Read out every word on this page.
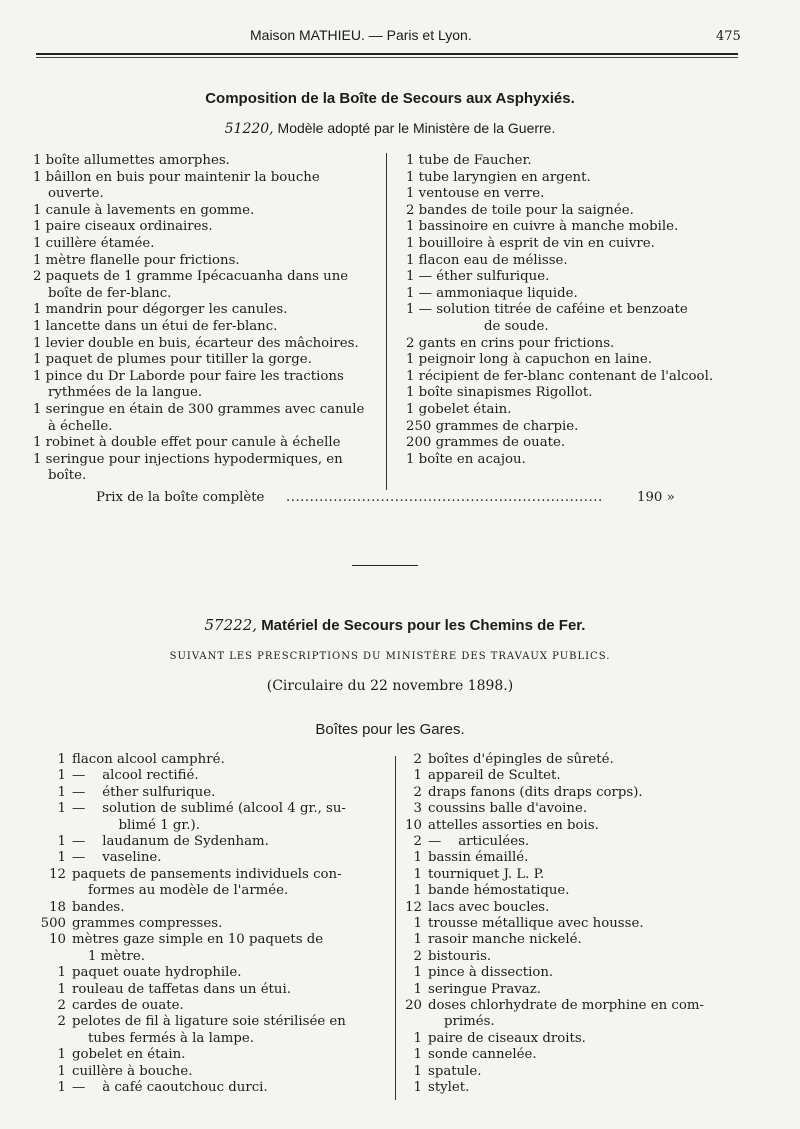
Maison MATHIEU. — Paris et Lyon.	475
Composition de la Boîte de Secours aux Asphyxiés.
51220, Modèle adopté par le Ministère de la Guerre.
1 boîte allumettes amorphes.
1 bâillon en buis pour maintenir la bouche
ouverte.
1 canule à lavements en gomme.
1 paire ciseaux ordinaires.
1 cuillère étamée.
1 mètre flanelle pour frictions.
2 paquets de 1 gramme Ipécacuanha dans une
boîte de fer-blanc.
1 mandrin pour dégorger les canules.
1 lancette dans un étui de fer-blanc.
1 levier double en buis, écarteur des mâchoires.
1 paquet de plumes pour titiller la gorge.
1 pince du Dr Laborde pour faire les tractions
rythmées de la langue.
1 seringue en étain de 300 grammes avec canule
à échelle.
1 robinet à double effet pour canule à échelle
1 seringue pour injections hypodermiques, en
boîte.
1 tube de Faucher.
1 tube laryngien en argent.
1 ventouse en verre.
2 bandes de toile pour la saignée.
1 bassinoire en cuivre à manche mobile.
1 bouilloire à esprit de vin en cuivre.
1 flacon eau de mélisse.
1 — éther sulfurique.
1 — ammoniaque liquide.
1 — solution titrée de caféine et benzoate
de soude.
2 gants en crins pour frictions.
1 peignoir long à capuchon en laine.
1 récipient de fer-blanc contenant de l'alcool.
1 boîte sinapismes Rigollot.
1 gobelet étain.
250 grammes de charpie.
200 grammes de ouate.
1 boîte en acajou.
Prix de la boîte complète ...................................................................	190 »
57222, Matériel de Secours pour les Chemins de Fer.
SUIVANT LES PRESCRIPTIONS DU MINISTÈRE DES TRAVAUX PUBLICS.
(Circulaire du 22 novembre 1898.)
Boîtes pour les Gares.
1 flacon alcool camphré.
1 —    alcool rectifié.
1 —    éther sulfurique.
1 —    solution de sublimé (alcool 4 gr., su-
blimé 1 gr.).
1 —    laudanum de Sydenham.
1 —    vaseline.
12 paquets de pansements individuels con-
formes au modèle de l'armée.
18 bandes.
500 grammes compresses.
10 mètres gaze simple en 10 paquets de
1 mètre.
1 paquet ouate hydrophile.
1 rouleau de taffetas dans un étui.
2 cardes de ouate.
2 pelotes de fil à ligature soie stérilisée en
tubes fermés à la lampe.
1 gobelet en étain.
1 cuillère à bouche.
1 —    à café caoutchouc durci.
2 boîtes d'épingles de sûreté.
1 appareil de Scultet.
2 draps fanons (dits draps corps).
3 coussins balle d'avoine.
10 attelles assorties en bois.
2 —    articulées.
1 bassin émaillé.
1 tourniquet J. L. P.
1 bande hémostatique.
12 lacs avec boucles.
1 trousse métallique avec housse.
1 rasoir manche nickelé.
2 bistouris.
1 pince à dissection.
1 seringue Pravaz.
20 doses chlorhydrate de morphine en com-
primés.
1 paire de ciseaux droits.
1 sonde cannelée.
1 spatule.
1 stylet.
